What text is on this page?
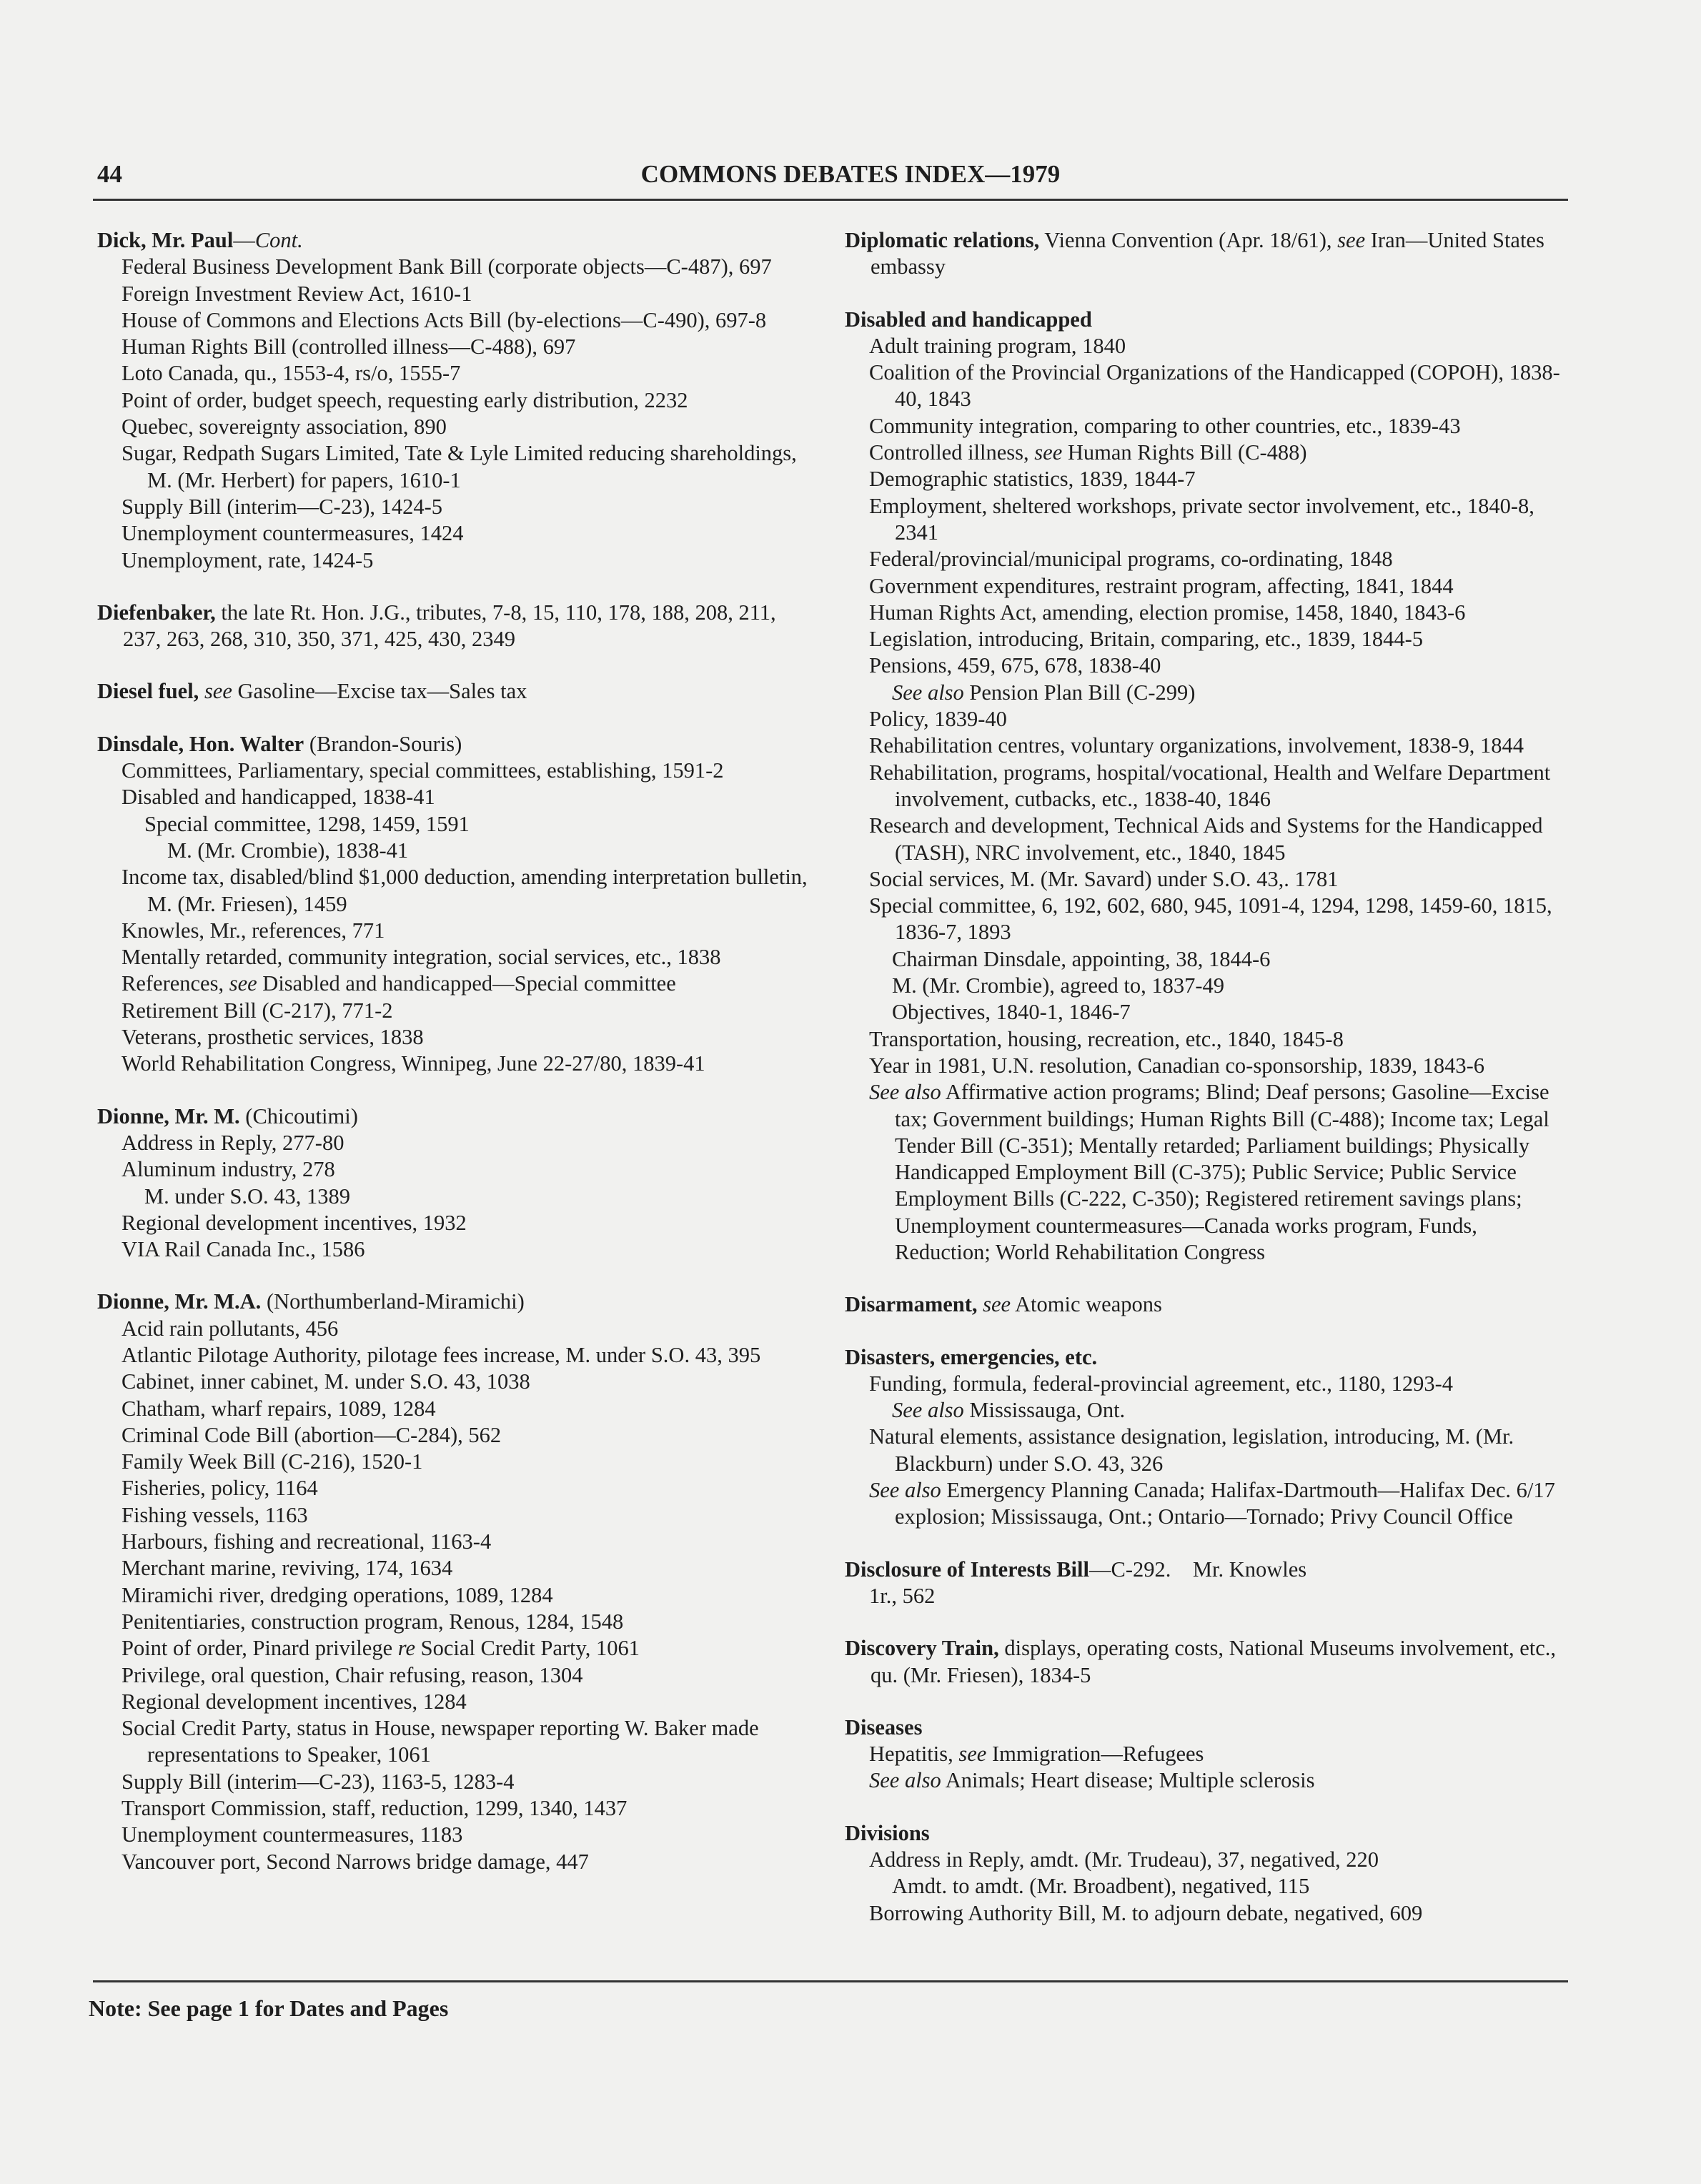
44	COMMONS DEBATES INDEX—1979
Dick, Mr. Paul—Cont.
Federal Business Development Bank Bill (corporate objects—C-487), 697
Foreign Investment Review Act, 1610-1
House of Commons and Elections Acts Bill (by-elections—C-490), 697-8
Human Rights Bill (controlled illness—C-488), 697
Loto Canada, qu., 1553-4, rs/o, 1555-7
Point of order, budget speech, requesting early distribution, 2232
Quebec, sovereignty association, 890
Sugar, Redpath Sugars Limited, Tate & Lyle Limited reducing shareholdings, M. (Mr. Herbert) for papers, 1610-1
Supply Bill (interim—C-23), 1424-5
Unemployment countermeasures, 1424
Unemployment, rate, 1424-5
Diefenbaker, the late Rt. Hon. J.G., tributes, 7-8, 15, 110, 178, 188, 208, 211, 237, 263, 268, 310, 350, 371, 425, 430, 2349
Diesel fuel, see Gasoline—Excise tax—Sales tax
Dinsdale, Hon. Walter (Brandon-Souris)
Committees, Parliamentary, special committees, establishing, 1591-2
Disabled and handicapped, 1838-41
Special committee, 1298, 1459, 1591
M. (Mr. Crombie), 1838-41
Income tax, disabled/blind $1,000 deduction, amending interpretation bulletin, M. (Mr. Friesen), 1459
Knowles, Mr., references, 771
Mentally retarded, community integration, social services, etc., 1838
References, see Disabled and handicapped—Special committee
Retirement Bill (C-217), 771-2
Veterans, prosthetic services, 1838
World Rehabilitation Congress, Winnipeg, June 22-27/80, 1839-41
Dionne, Mr. M. (Chicoutimi)
Address in Reply, 277-80
Aluminum industry, 278
M. under S.O. 43, 1389
Regional development incentives, 1932
VIA Rail Canada Inc., 1586
Dionne, Mr. M.A. (Northumberland-Miramichi)
Acid rain pollutants, 456
Atlantic Pilotage Authority, pilotage fees increase, M. under S.O. 43, 395
Cabinet, inner cabinet, M. under S.O. 43, 1038
Chatham, wharf repairs, 1089, 1284
Criminal Code Bill (abortion—C-284), 562
Family Week Bill (C-216), 1520-1
Fisheries, policy, 1164
Fishing vessels, 1163
Harbours, fishing and recreational, 1163-4
Merchant marine, reviving, 174, 1634
Miramichi river, dredging operations, 1089, 1284
Penitentiaries, construction program, Renous, 1284, 1548
Point of order, Pinard privilege re Social Credit Party, 1061
Privilege, oral question, Chair refusing, reason, 1304
Regional development incentives, 1284
Social Credit Party, status in House, newspaper reporting W. Baker made representations to Speaker, 1061
Supply Bill (interim—C-23), 1163-5, 1283-4
Transport Commission, staff, reduction, 1299, 1340, 1437
Unemployment countermeasures, 1183
Vancouver port, Second Narrows bridge damage, 447
Diplomatic relations, Vienna Convention (Apr. 18/61), see Iran—United States embassy
Disabled and handicapped
Adult training program, 1840
Coalition of the Provincial Organizations of the Handicapped (COPOH), 1838-40, 1843
Community integration, comparing to other countries, etc., 1839-43
Controlled illness, see Human Rights Bill (C-488)
Demographic statistics, 1839, 1844-7
Employment, sheltered workshops, private sector involvement, etc., 1840-8, 2341
Federal/provincial/municipal programs, co-ordinating, 1848
Government expenditures, restraint program, affecting, 1841, 1844
Human Rights Act, amending, election promise, 1458, 1840, 1843-6
Legislation, introducing, Britain, comparing, etc., 1839, 1844-5
Pensions, 459, 675, 678, 1838-40
See also Pension Plan Bill (C-299)
Policy, 1839-40
Rehabilitation centres, voluntary organizations, involvement, 1838-9, 1844
Rehabilitation, programs, hospital/vocational, Health and Welfare Department involvement, cutbacks, etc., 1838-40, 1846
Research and development, Technical Aids and Systems for the Handicapped (TASH), NRC involvement, etc., 1840, 1845
Social services, M. (Mr. Savard) under S.O. 43,. 1781
Special committee, 6, 192, 602, 680, 945, 1091-4, 1294, 1298, 1459-60, 1815, 1836-7, 1893
Chairman Dinsdale, appointing, 38, 1844-6
M. (Mr. Crombie), agreed to, 1837-49
Objectives, 1840-1, 1846-7
Transportation, housing, recreation, etc., 1840, 1845-8
Year in 1981, U.N. resolution, Canadian co-sponsorship, 1839, 1843-6
See also Affirmative action programs; Blind; Deaf persons; Gasoline—Excise tax; Government buildings; Human Rights Bill (C-488); Income tax; Legal Tender Bill (C-351); Mentally retarded; Parliament buildings; Physically Handicapped Employment Bill (C-375); Public Service; Public Service Employment Bills (C-222, C-350); Registered retirement savings plans; Unemployment countermeasures—Canada works program, Funds, Reduction; World Rehabilitation Congress
Disarmament, see Atomic weapons
Disasters, emergencies, etc.
Funding, formula, federal-provincial agreement, etc., 1180, 1293-4
See also Mississauga, Ont.
Natural elements, assistance designation, legislation, introducing, M. (Mr. Blackburn) under S.O. 43, 326
See also Emergency Planning Canada; Halifax-Dartmouth—Halifax Dec. 6/17 explosion; Mississauga, Ont.; Ontario—Tornado; Privy Council Office
Disclosure of Interests Bill—C-292.    Mr. Knowles
1r., 562
Discovery Train, displays, operating costs, National Museums involvement, etc., qu. (Mr. Friesen), 1834-5
Diseases
Hepatitis, see Immigration—Refugees
See also Animals; Heart disease; Multiple sclerosis
Divisions
Address in Reply, amdt. (Mr. Trudeau), 37, negatived, 220
Amdt. to amdt. (Mr. Broadbent), negatived, 115
Borrowing Authority Bill, M. to adjourn debate, negatived, 609
Note: See page 1 for Dates and Pages
